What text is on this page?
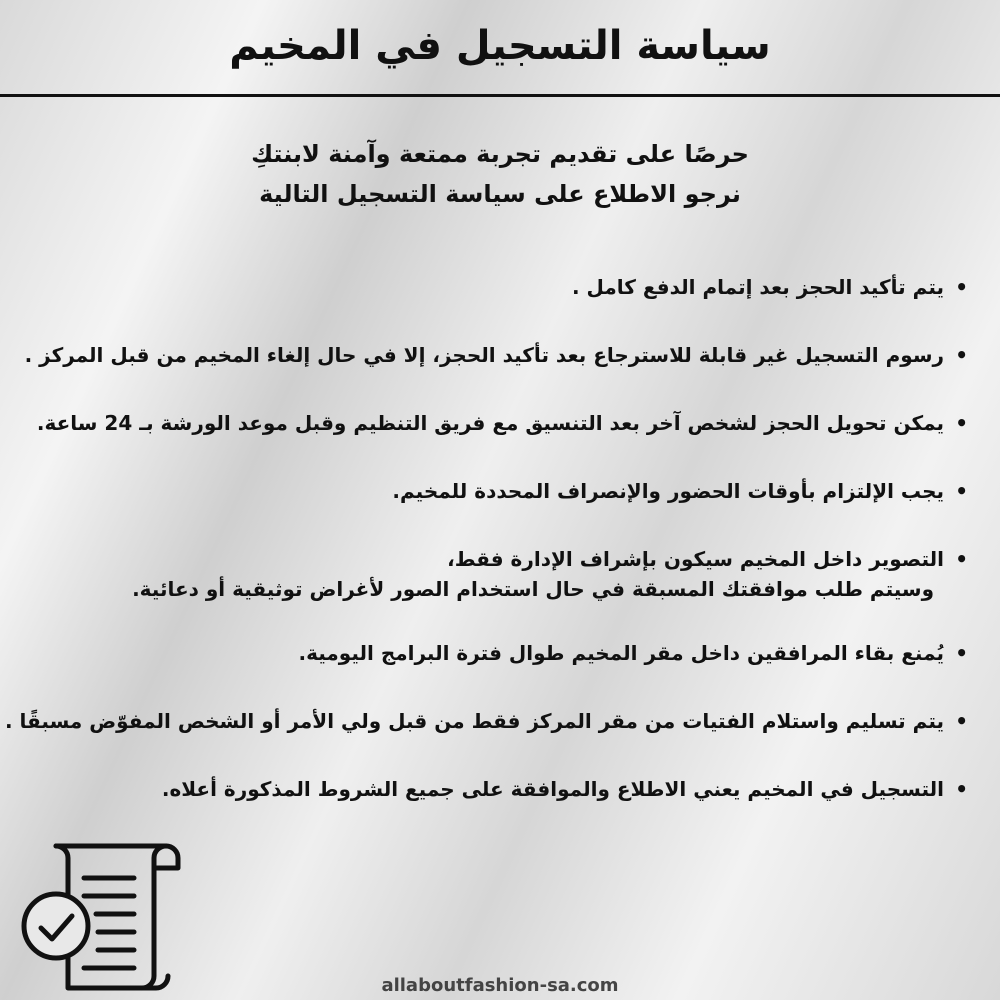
سياسة التسجيل في المخيم

حرصًا على تقديم تجربة ممتعة وآمنة لابنتكِ

نرجو الاطلاع على سياسة التسجيل التالية

•
يتم تأكيد الحجز بعد إتمام الدفع كامل .
•
رسوم التسجيل غير قابلة للاسترجاع بعد تأكيد الحجز، إلا في حال إلغاء المخيم من قبل المركز .
•
يمكن تحويل الحجز لشخص آخر بعد التنسيق مع فريق التنظيم وقبل موعد الورشة بـ 24 ساعة.
•
يجب الإلتزام بأوقات الحضور والإنصراف المحددة للمخيم.
•
التصوير داخل المخيم سيكون بإشراف الإدارة فقط،
وسيتم طلب موافقتك المسبقة في حال استخدام الصور لأغراض توثيقية أو دعائية.
•
يُمنع بقاء المرافقين داخل مقر المخيم طوال فترة البرامج اليومية.
•
يتم تسليم واستلام الفتيات من مقر المركز فقط من قبل ولي الأمر أو الشخص المفوّض مسبقًا .
•
التسجيل في المخيم يعني الاطلاع والموافقة على جميع الشروط المذكورة أعلاه.
allaboutfashion-sa.com
